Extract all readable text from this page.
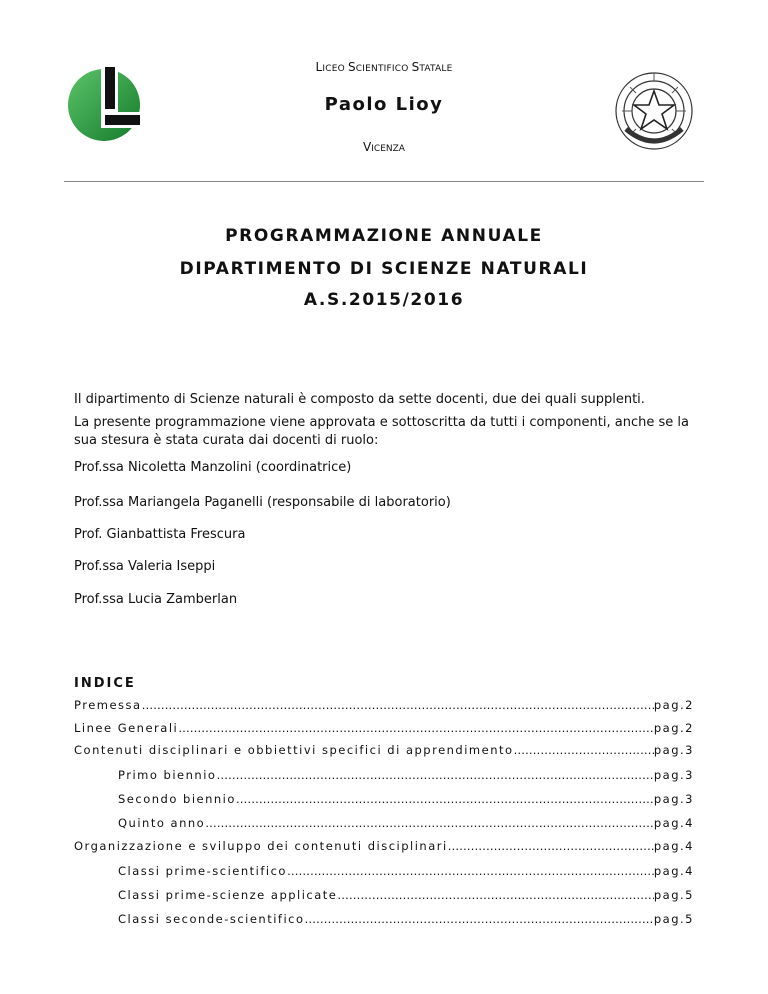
LICEO SCIENTIFICO STATALE
Paolo Lioy
VICENZA
PROGRAMMAZIONE ANNUALE
DIPARTIMENTO DI SCIENZE NATURALI
A.S.2015/2016
Il dipartimento di Scienze naturali è composto da sette docenti, due dei quali supplenti.
La presente programmazione viene approvata e sottoscritta da tutti i componenti, anche se la sua stesura è stata curata dai docenti di ruolo:
Prof.ssa Nicoletta Manzolini (coordinatrice)
Prof.ssa Mariangela Paganelli (responsabile di laboratorio)
Prof. Gianbattista Frescura
Prof.ssa Valeria Iseppi
Prof.ssa Lucia Zamberlan
INDICE
Premessa ………………………………………………………………………………………………………………………………………………………………………………………………………………	pag.2
Linee Generali ………………………………………………………………………………………………………………………………………………………………………………………………………………	pag.2
Contenuti disciplinari e obbiettivi specifici di apprendimento ………………………………………………………………………………………………………………………………………………………………………………………………………………	pag.3
Primo biennio ………………………………………………………………………………………………………………………………………………………………………………………………………………	pag.3
Secondo biennio ………………………………………………………………………………………………………………………………………………………………………………………………………………	pag.3
Quinto anno ………………………………………………………………………………………………………………………………………………………………………………………………………………	pag.4
Organizzazione e sviluppo dei contenuti disciplinari ………………………………………………………………………………………………………………………………………………………………………………………………………………	pag.4
Classi prime-scientifico ………………………………………………………………………………………………………………………………………………………………………………………………………………	pag.4
Classi prime-scienze applicate ………………………………………………………………………………………………………………………………………………………………………………………………………………	pag.5
Classi seconde-scientifico ………………………………………………………………………………………………………………………………………………………………………………………………………………	pag.5
